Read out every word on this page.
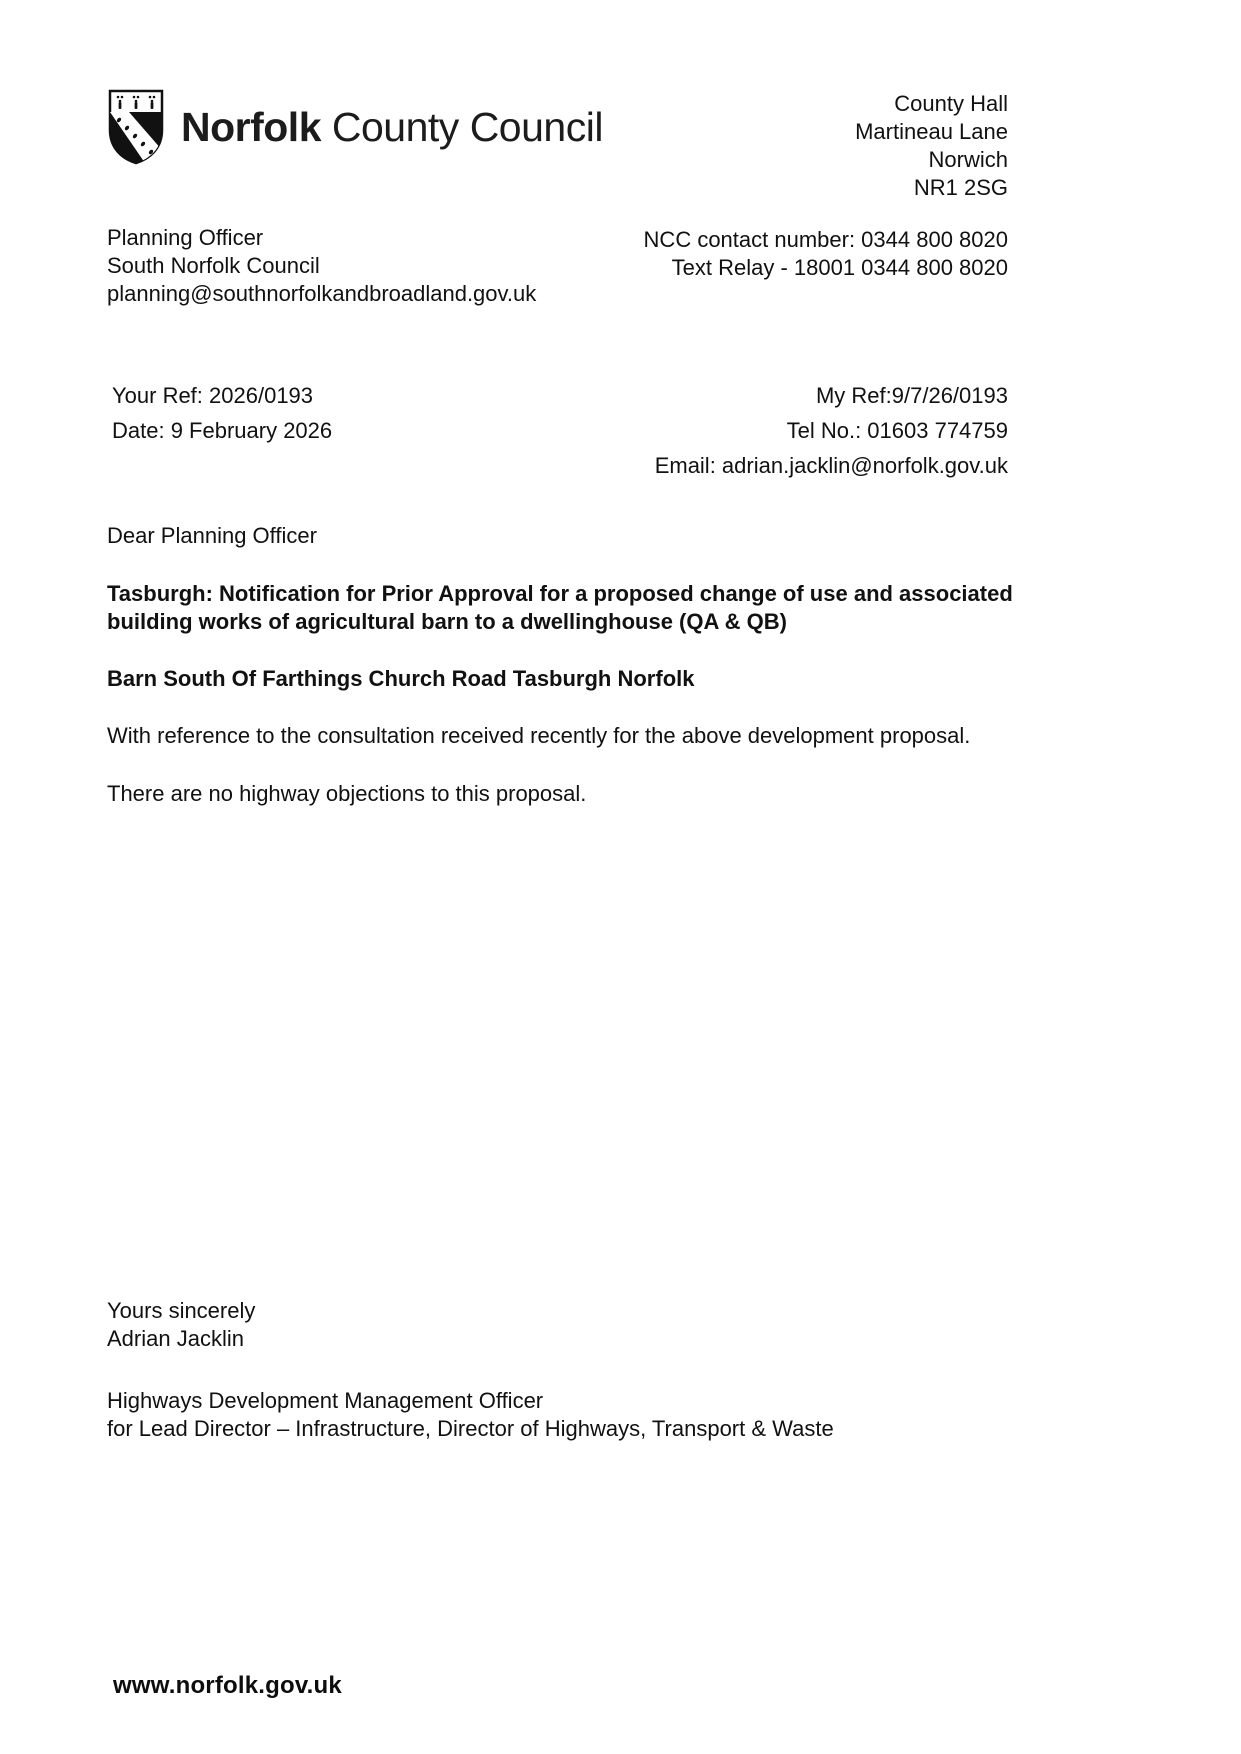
Norfolk County Council
County Hall
Martineau Lane
Norwich
NR1 2SG
Planning Officer
South Norfolk Council
planning@southnorfolkandbroadland.gov.uk
NCC contact number: 0344 800 8020
Text Relay - 18001 0344 800 8020
Your Ref: 2026/0193
Date: 9 February 2026
My Ref:9/7/26/0193
Tel No.: 01603 774759
Email: adrian.jacklin@norfolk.gov.uk
Dear Planning Officer
Tasburgh: Notification for Prior Approval for a proposed change of use and associated building works of agricultural barn to a dwellinghouse (QA & QB)
Barn South Of Farthings Church Road Tasburgh Norfolk
With reference to the consultation received recently for the above development proposal.
There are no highway objections to this proposal.
Yours sincerely
Adrian Jacklin
Highways Development Management Officer
for Lead Director – Infrastructure, Director of Highways, Transport & Waste
www.norfolk.gov.uk
